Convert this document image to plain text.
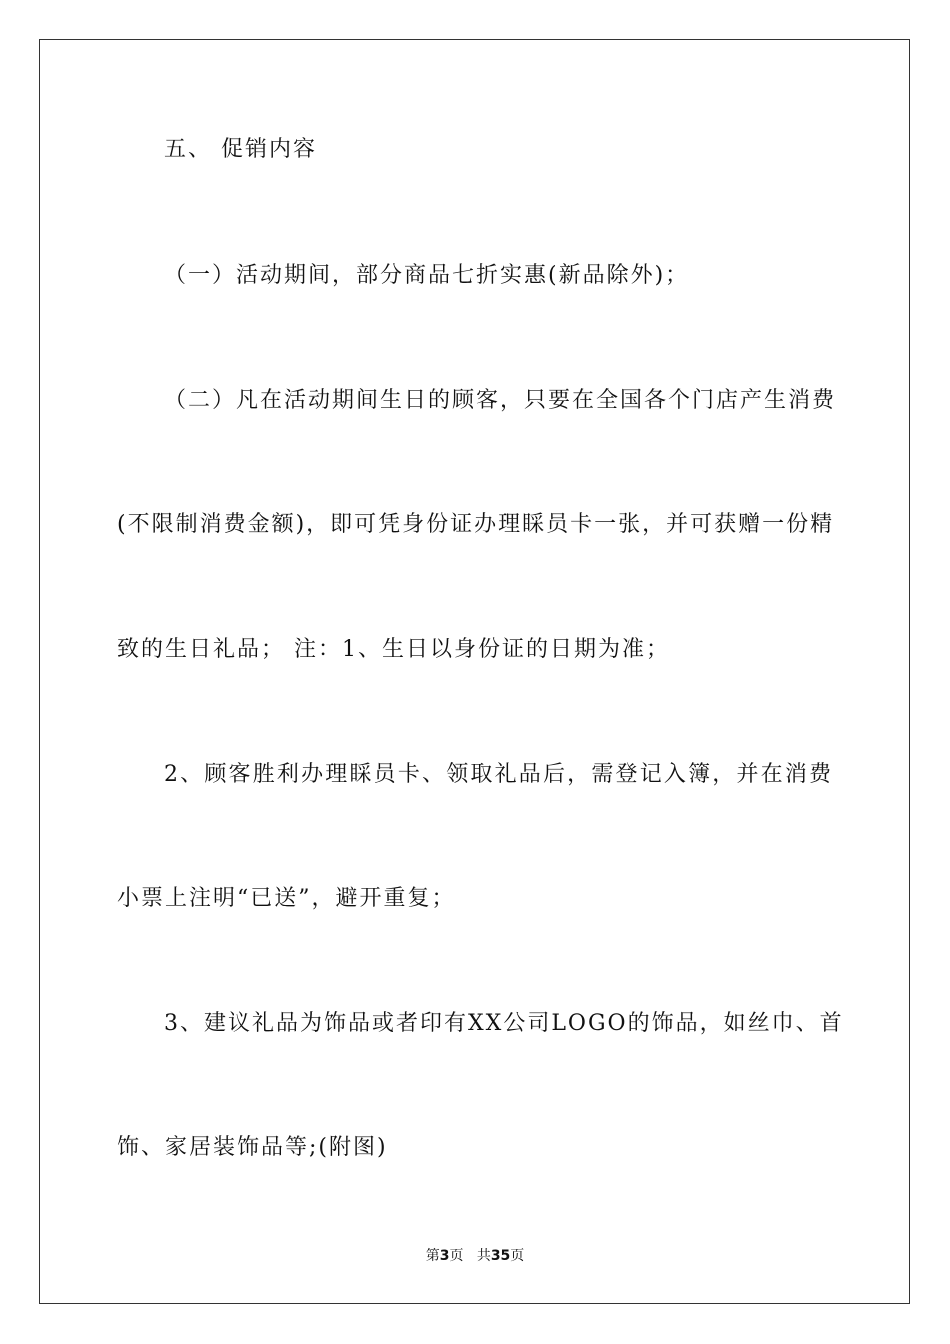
五、 促销内容
（一）活动期间，部分商品七折实惠(新品除外)；
（二）凡在活动期间生日的顾客，只要在全国各个门店产生消费
(不限制消费金额)，即可凭身份证办理睬员卡一张，并可获赠一份精
致的生日礼品； 注：1、生日以身份证的日期为准；
2、顾客胜利办理睬员卡、领取礼品后，需登记入簿，并在消费
小票上注明“已送”，避开重复；
3、建议礼品为饰品或者印有XX公司LOGO的饰品，如丝巾、首
饰、家居装饰品等;(附图)
第3页 共35页
